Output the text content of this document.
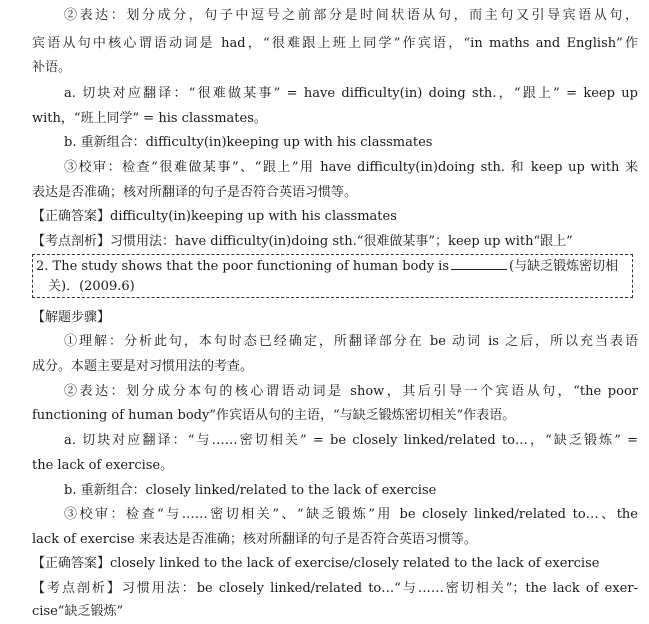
②表达：划分成分，句子中逗号之前部分是时间状语从句，而主句又引导宾语从句，
宾语从句中核心谓语动词是 had，“很难跟上班上同学”作宾语，“in maths and English”作
补语。
a. 切块对应翻译：“很难做某事” = have difficulty(in) doing sth.，“跟上” = keep up
with，“班上同学” = his classmates。
b. 重新组合：difficulty(in)keeping up with his classmates
③校审：检查“很难做某事”、“跟上”用 have difficulty(in)doing sth. 和 keep up with 来
表达是否准确；核对所翻译的句子是否符合英语习惯等。
【正确答案】difficulty(in)keeping up with his classmates
【考点剖析】习惯用法：have difficulty(in)doing sth.“很难做某事”；keep up with“跟上”
2. The study shows that the poor functioning of human body is	(与缺乏锻炼密切相
关)．(2009.6)
【解题步骤】
①理解：分析此句，本句时态已经确定，所翻译部分在 be 动词 is 之后，所以充当表语
成分。本题主要是对习惯用法的考查。
②表达：划分成分本句的核心谓语动词是 show，其后引导一个宾语从句，“the poor
functioning of human body”作宾语从句的主语，“与缺乏锻炼密切相关”作表语。
a. 切块对应翻译：“与……密切相关” = be closely linked/related to…，“缺乏锻炼” =
the lack of exercise。
b. 重新组合：closely linked/related to the lack of exercise
③校审：检查“与……密切相关”、“缺乏锻炼”用 be closely linked/related to…、the
lack of exercise 来表达是否准确；核对所翻译的句子是否符合英语习惯等。
【正确答案】closely linked to the lack of exercise/closely related to the lack of exercise
【考点剖析】习惯用法：be closely linked/related to…“与……密切相关”；the lack of exer-
cise“缺乏锻炼”
